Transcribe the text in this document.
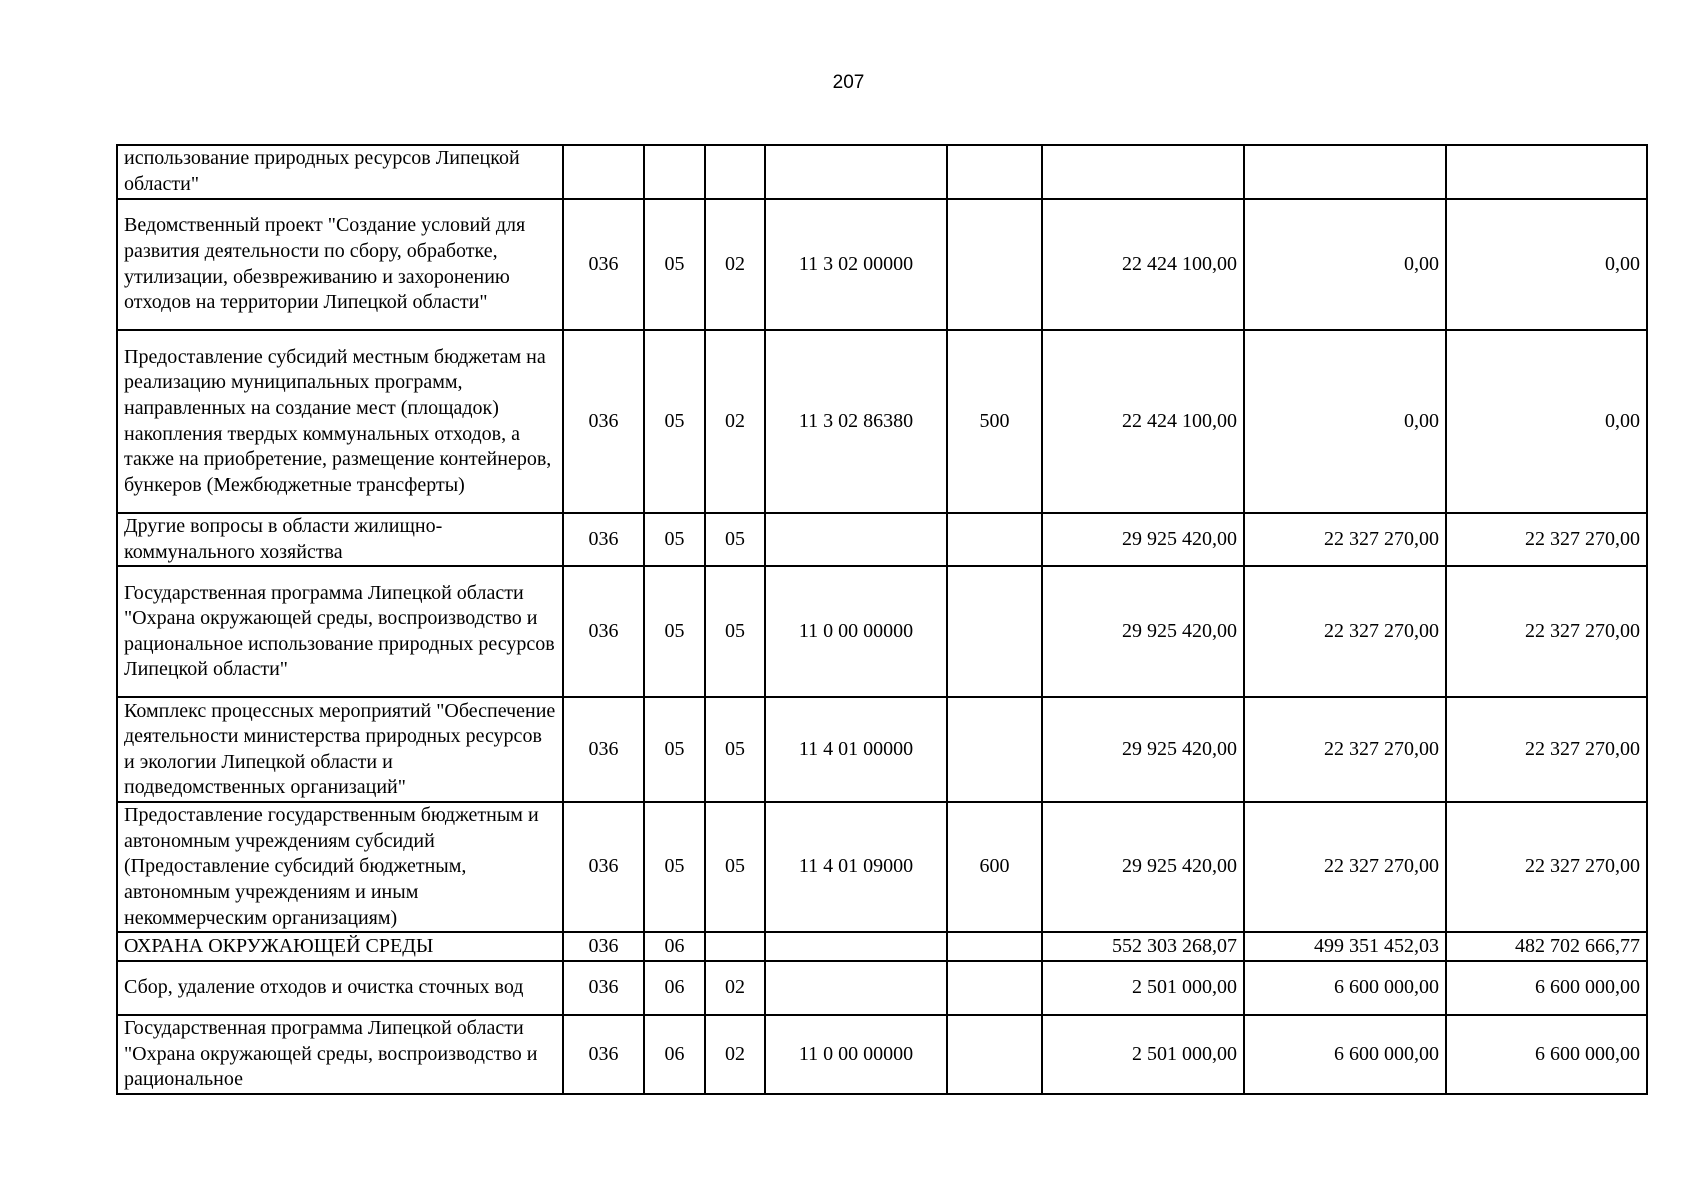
207
использование природных ресурсов Липецкой области"								
Ведомственный проект "Создание условий для развития деятельности по сбору, обработке, утилизации, обезвреживанию и захоронению отходов на территории Липецкой области"	036	05	02	11 3 02 00000		22 424 100,00	0,00	0,00
Предоставление субсидий местным бюджетам на реализацию муниципальных программ, направленных на создание мест (площадок) накопления твердых коммунальных отходов, а также на приобретение, размещение контейнеров, бункеров (Межбюджетные трансферты)	036	05	02	11 3 02 86380	500	22 424 100,00	0,00	0,00
Другие вопросы в области жилищно-коммунального хозяйства	036	05	05			29 925 420,00	22 327 270,00	22 327 270,00
Государственная программа Липецкой области "Охрана окружающей среды, воспроизводство и рациональное использование природных ресурсов Липецкой области"	036	05	05	11 0 00 00000		29 925 420,00	22 327 270,00	22 327 270,00
Комплекс процессных мероприятий "Обеспечение деятельности министерства природных ресурсов и экологии Липецкой области и подведомственных организаций"	036	05	05	11 4 01 00000		29 925 420,00	22 327 270,00	22 327 270,00
Предоставление государственным бюджетным и автономным учреждениям субсидий (Предоставление субсидий бюджетным, автономным учреждениям и иным некоммерческим организациям)	036	05	05	11 4 01 09000	600	29 925 420,00	22 327 270,00	22 327 270,00
ОХРАНА ОКРУЖАЮЩЕЙ СРЕДЫ	036	06				552 303 268,07	499 351 452,03	482 702 666,77
Сбор, удаление отходов и очистка сточных вод	036	06	02			2 501 000,00	6 600 000,00	6 600 000,00
Государственная программа Липецкой области "Охрана окружающей среды, воспроизводство и рациональное	036	06	02	11 0 00 00000		2 501 000,00	6 600 000,00	6 600 000,00
